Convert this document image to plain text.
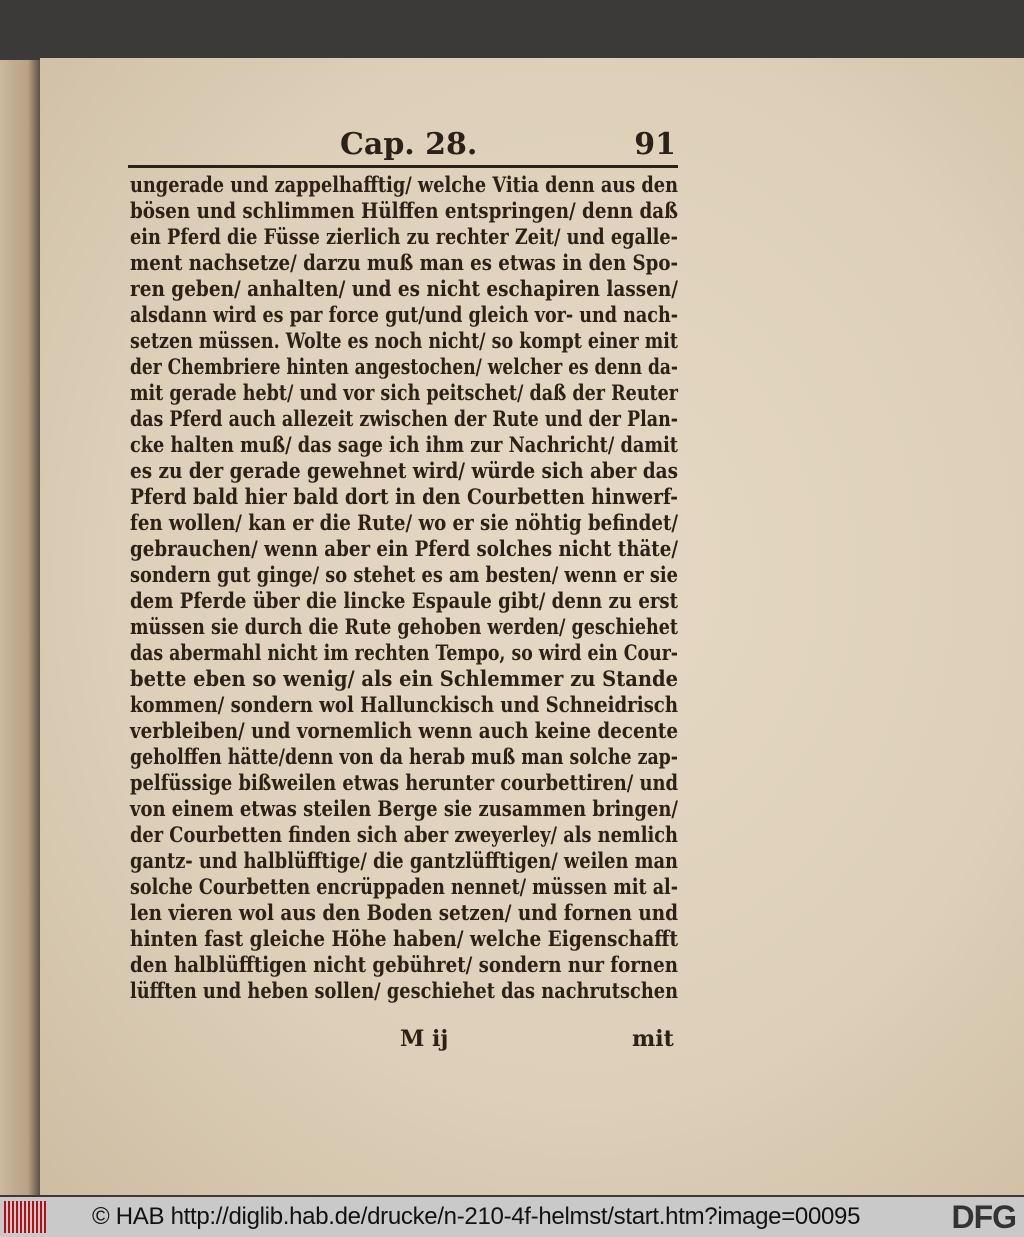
Cap. 28.	91
ungerade und zappelhafftig/ welche Vitia denn aus den
bösen und schlimmen Hülffen entspringen/ denn daß
ein Pferd die Füsse zierlich zu rechter Zeit/ und egalle-
ment nachsetze/ darzu muß man es etwas in den Spo-
ren geben/ anhalten/ und es nicht eschapiren lassen/
alsdann wird es par force gut/und gleich vor- und nach-
setzen müssen. Wolte es noch nicht/ so kompt einer mit
der Chembriere hinten angestochen/ welcher es denn da-
mit gerade hebt/ und vor sich peitschet/ daß der Reuter
das Pferd auch allezeit zwischen der Rute und der Plan-
cke halten muß/ das sage ich ihm zur Nachricht/ damit
es zu der gerade gewehnet wird/ würde sich aber das
Pferd bald hier bald dort in den Courbetten hinwerf-
fen wollen/ kan er die Rute/ wo er sie nöhtig befindet/
gebrauchen/ wenn aber ein Pferd solches nicht thäte/
sondern gut ginge/ so stehet es am besten/ wenn er sie
dem Pferde über die lincke Espaule gibt/ denn zu erst
müssen sie durch die Rute gehoben werden/ geschiehet
das abermahl nicht im rechten Tempo, so wird ein Cour-
bette eben so wenig/ als ein Schlemmer zu Stande
kommen/ sondern wol Hallunckisch und Schneidrisch
verbleiben/ und vornemlich wenn auch keine decente
geholffen hätte/denn von da herab muß man solche zap-
pelfüssige bißweilen etwas herunter courbettiren/ und
von einem etwas steilen Berge sie zusammen bringen/
der Courbetten finden sich aber zweyerley/ als nemlich
gantz- und halblüfftige/ die gantzlüfftigen/ weilen man
solche Courbetten encrüppaden nennet/ müssen mit al-
len vieren wol aus den Boden setzen/ und fornen und
hinten fast gleiche Höhe haben/ welche Eigenschafft
den halblüfftigen nicht gebühret/ sondern nur fornen
lüfften und heben sollen/ geschiehet das nachrutschen
M ij	mit
© HAB http://diglib.hab.de/drucke/n-210-4f-helmst/start.htm?image=00095	DFG
